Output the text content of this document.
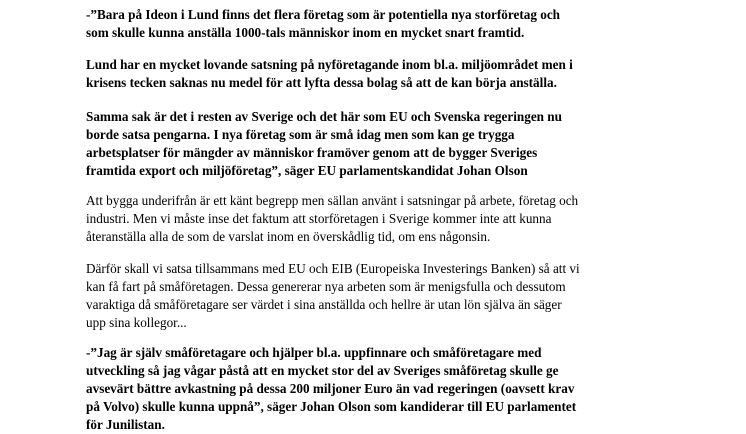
-”Bara på Ideon i Lund finns det flera företag som är potentiella nya storföretag och
som skulle kunna anställa 1000-tals människor inom en mycket snart framtid.

Lund har en mycket lovande satsning på nyföretagande inom bl.a. miljöområdet men i
krisens tecken saknas nu medel för att lyfta dessa bolag så att de kan börja anställa.

Samma sak är det i resten av Sverige och det här som EU och Svenska regeringen nu
borde satsa pengarna. I nya företag som är små idag men som kan ge trygga
arbetsplatser för mängder av människor framöver genom att de bygger Sveriges
framtida export och miljöföretag”, säger EU parlamentskandidat Johan Olson

Att bygga underifrån är ett känt begrepp men sällan använt i satsningar på arbete, företag och
industri. Men vi måste inse det faktum att storföretagen i Sverige kommer inte att kunna
återanställa alla de som de varslat inom en överskådlig tid, om ens någonsin.

Därför skall vi satsa tillsammans med EU och EIB (Europeiska Investerings Banken) så att vi
kan få fart på småföretagen. Dessa genererar nya arbeten som är menigsfulla och dessutom
varaktiga då småföretagare ser värdet i sina anställda och hellre är utan lön själva än säger
upp sina kollegor...

-”Jag är själv småföretagare och hjälper bl.a. uppfinnare och småföretagare med
utveckling så jag vågar påstå att en mycket stor del av Sveriges småföretag skulle ge
avsevärt bättre avkastning på dessa 200 miljoner Euro än vad regeringen (oavsett krav
på Volvo) skulle kunna uppnå”, säger Johan Olson som kandiderar till EU parlamentet
för Junilistan.
